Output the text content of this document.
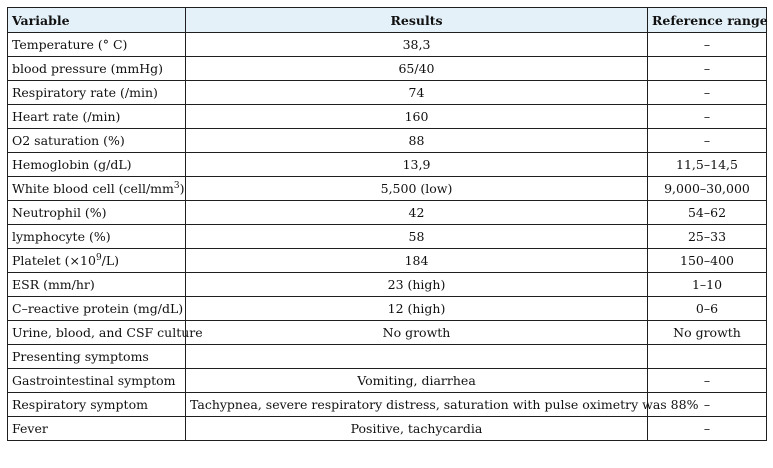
Variable	Results	Reference range
Temperature (° C)	38,3	–
blood pressure (mmHg)	65/40	–
Respiratory rate (/min)	74	–
Heart rate (/min)	160	–
O2 saturation (%)	88	–
Hemoglobin (g/dL)	13,9	11,5–14,5
White blood cell $(cell/mm^3)$	5,500 (low)	9,000–30,000
Neutrophil (%)	42	54–62
lymphocyte (%)	58	25–33
Platelet $(\times 10^9/L)$	184	150–400
ESR (mm/hr)	23 (high)	1–10
C–reactive protein (mg/dL)	12 (high)	0–6
Urine, blood, and CSF culture	No growth	No growth
Presenting symptoms		
Gastrointestinal symptom	Vomiting, diarrhea	–
Respiratory symptom	Tachypnea, severe respiratory distress, saturation with pulse oximetry was 88%	–
Fever	Positive, tachycardia	–
